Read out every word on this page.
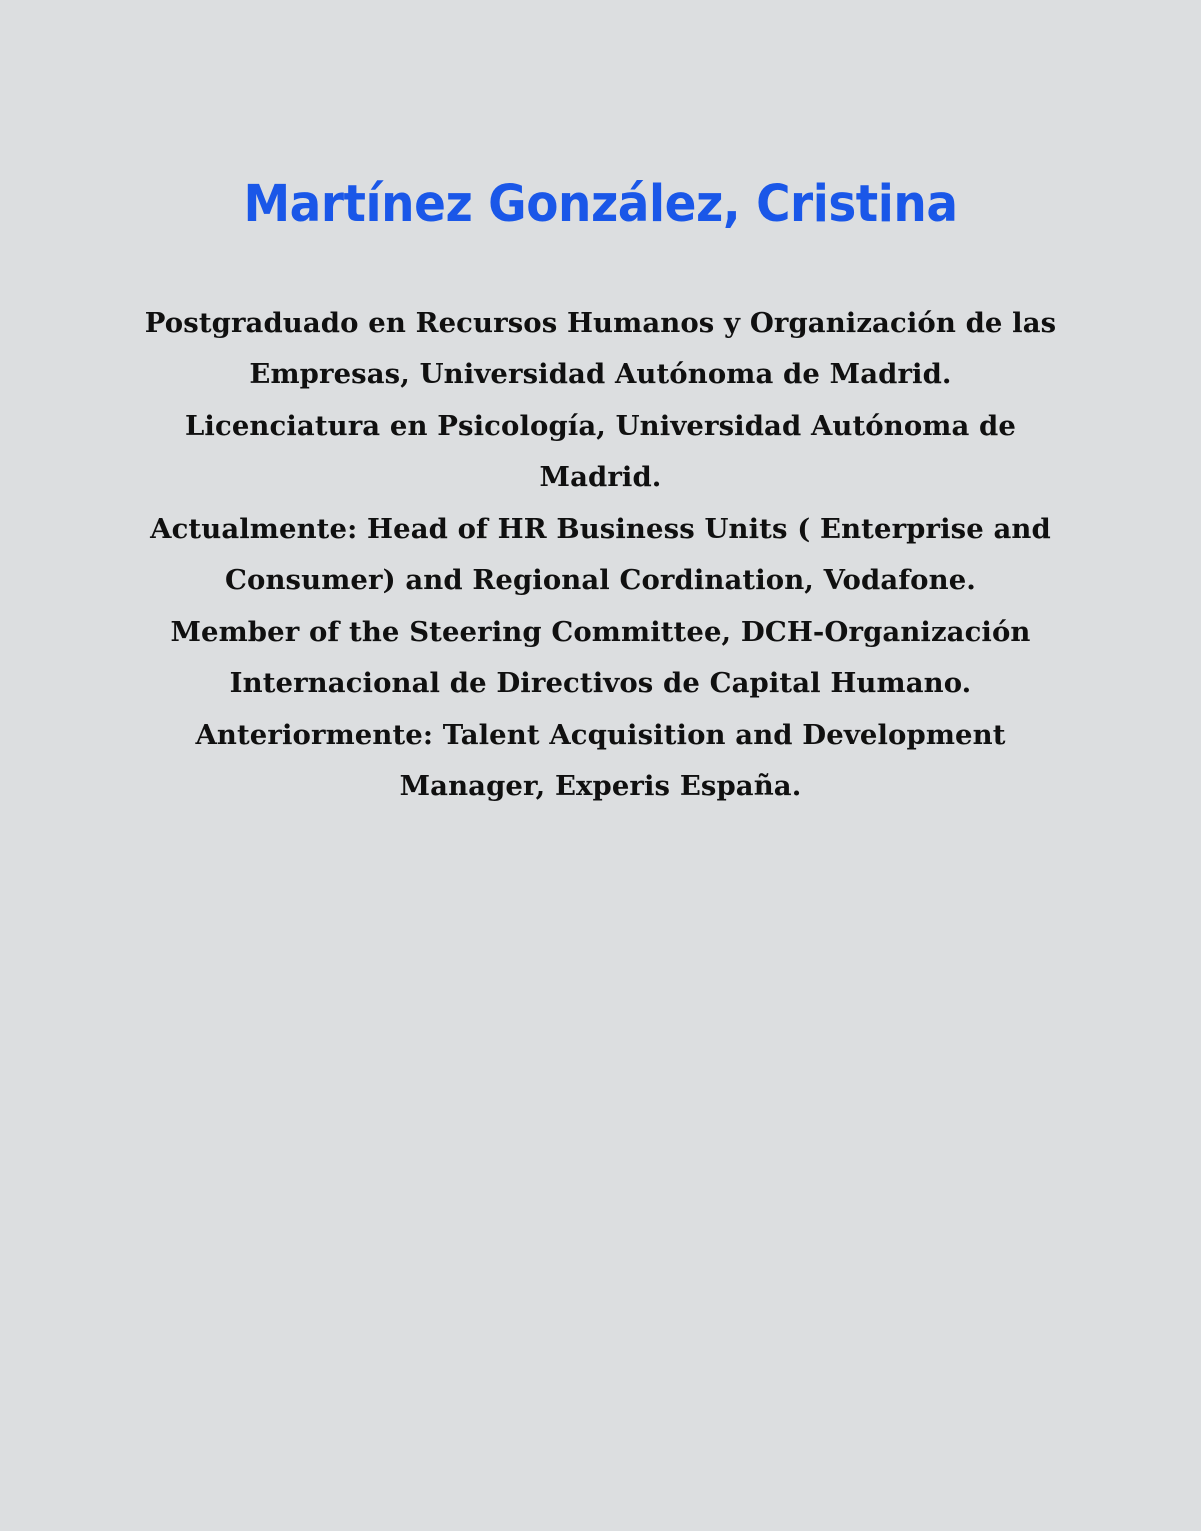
Martínez González, Cristina
Postgraduado en Recursos Humanos y Organización de las
Empresas, Universidad Autónoma de Madrid.
Licenciatura en Psicología, Universidad Autónoma de
Madrid.
Actualmente: Head of HR Business Units ( Enterprise and
Consumer) and Regional Cordination, Vodafone.
Member of the Steering Committee, DCH-Organización
Internacional de Directivos de Capital Humano.
Anteriormente: Talent Acquisition and Development
Manager, Experis España.
